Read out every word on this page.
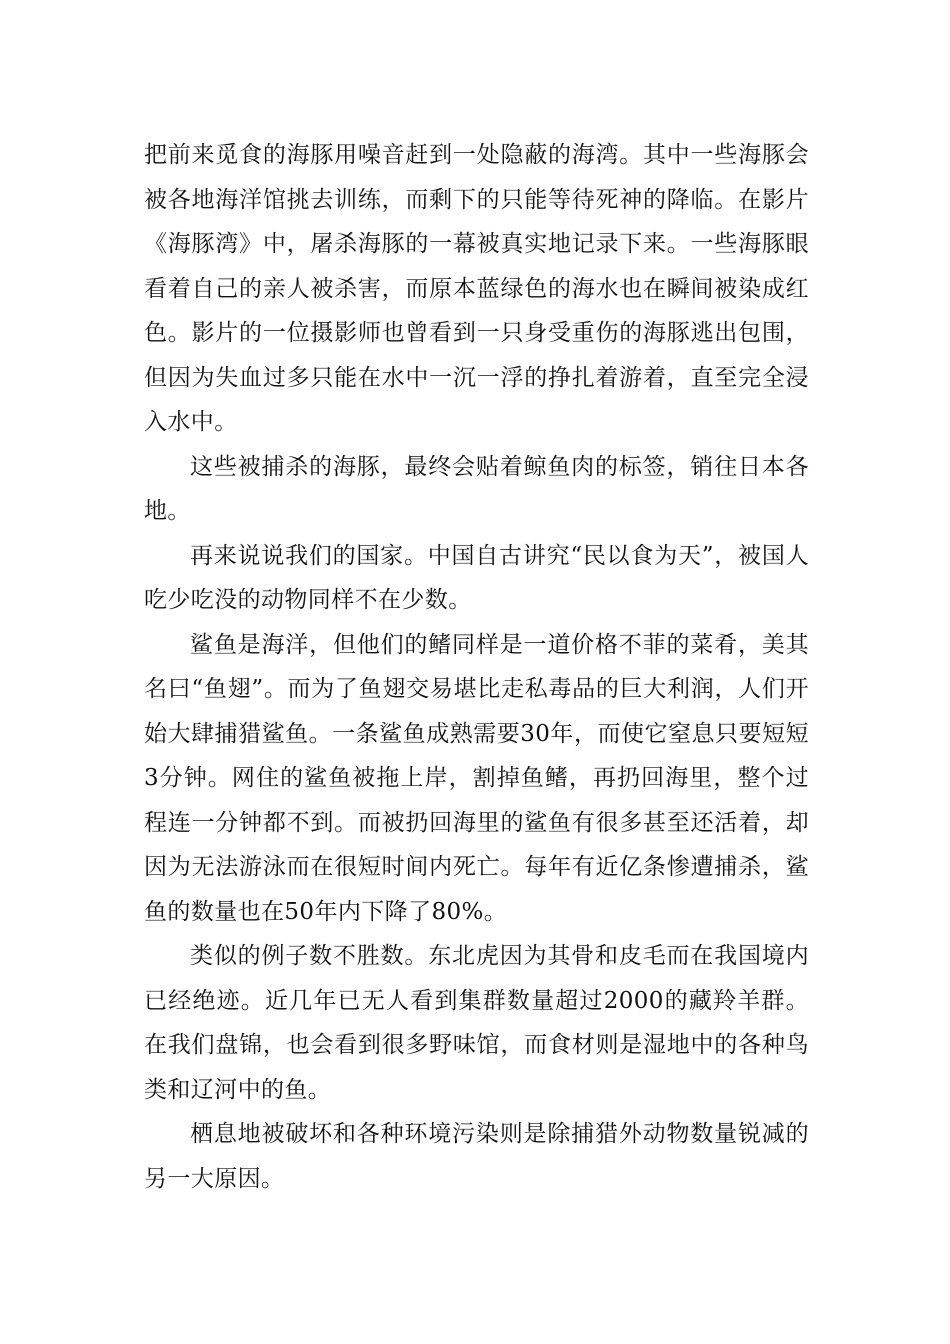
把前来觅食的海豚用噪音赶到一处隐蔽的海湾。其中一些海豚会被各地海洋馆挑去训练，而剩下的只能等待死神的降临。在影片《海豚湾》中，屠杀海豚的一幕被真实地记录下来。一些海豚眼看着自己的亲人被杀害，而原本蓝绿色的海水也在瞬间被染成红色。影片的一位摄影师也曾看到一只身受重伤的海豚逃出包围，但因为失血过多只能在水中一沉一浮的挣扎着游着，直至完全浸入水中。

这些被捕杀的海豚，最终会贴着鲸鱼肉的标签，销往日本各地。

再来说说我们的国家。中国自古讲究“民以食为天”，被国人吃少吃没的动物同样不在少数。

鲨鱼是海洋，但他们的鳍同样是一道价格不菲的菜肴，美其名曰“鱼翅”。而为了鱼翅交易堪比走私毒品的巨大利润，人们开始大肆捕猎鲨鱼。一条鲨鱼成熟需要30年，而使它窒息只要短短3分钟。网住的鲨鱼被拖上岸，割掉鱼鳍，再扔回海里，整个过程连一分钟都不到。而被扔回海里的鲨鱼有很多甚至还活着，却因为无法游泳而在很短时间内死亡。每年有近亿条惨遭捕杀，鲨鱼的数量也在50年内下降了80%。

类似的例子数不胜数。东北虎因为其骨和皮毛而在我国境内已经绝迹。近几年已无人看到集群数量超过2000的藏羚羊群。在我们盘锦，也会看到很多野味馆，而食材则是湿地中的各种鸟类和辽河中的鱼。

栖息地被破坏和各种环境污染则是除捕猎外动物数量锐减的另一大原因。
